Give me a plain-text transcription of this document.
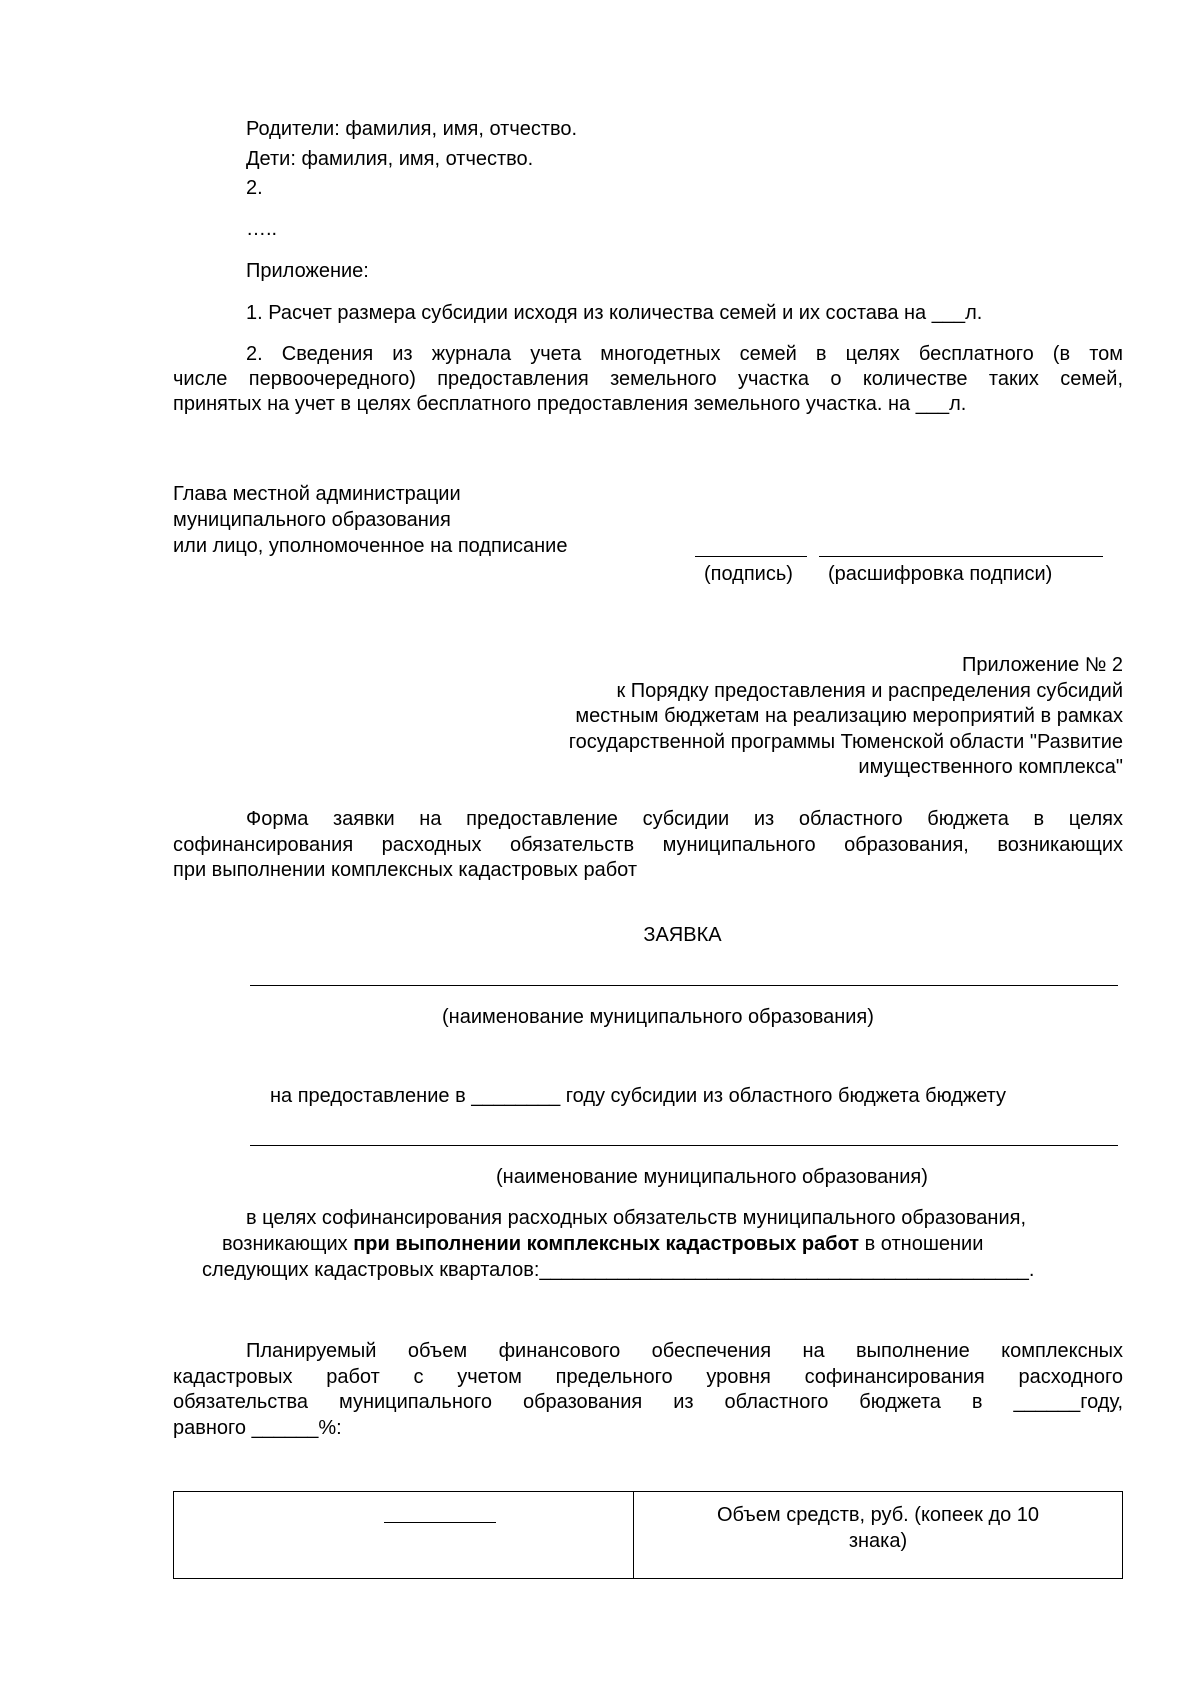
Родители: фамилия, имя, отчество.
Дети: фамилия, имя, отчество.
2.
…..
Приложение:
1. Расчет размера субсидии исходя из количества семей и их состава на ___л.
2. Сведения из журнала учета многодетных семей в целях бесплатного (в том
числе первоочередного) предоставления земельного участка о количестве таких семей,
принятых на учет в целях бесплатного предоставления земельного участка. на ___л.
Глава местной администрации
муниципального образования
или лицо, уполномоченное на подписание
(подпись) (расшифровка подписи)
Приложение № 2
к Порядку предоставления и распределения субсидий
местным бюджетам на реализацию мероприятий в рамках
государственной программы Тюменской области "Развитие
имущественного комплекса"
Форма заявки на предоставление субсидии из областного бюджета в целях
софинансирования расходных обязательств муниципального образования, возникающих
при выполнении комплексных кадастровых работ
ЗАЯВКА
(наименование муниципального образования)
на предоставление в ________ году субсидии из областного бюджета бюджету
(наименование муниципального образования)
в целях софинансирования расходных обязательств муниципального образования,
возникающих при выполнении комплексных кадастровых работ в отношении
следующих кадастровых кварталов:____________________________________________.
Планируемый объем финансового обеспечения на выполнение комплексных
кадастровых работ с учетом предельного уровня софинансирования расходного
обязательства муниципального образования из областного бюджета в ______году,
равного ______%:
Объем средств, руб. (копеек до 10
знака)
